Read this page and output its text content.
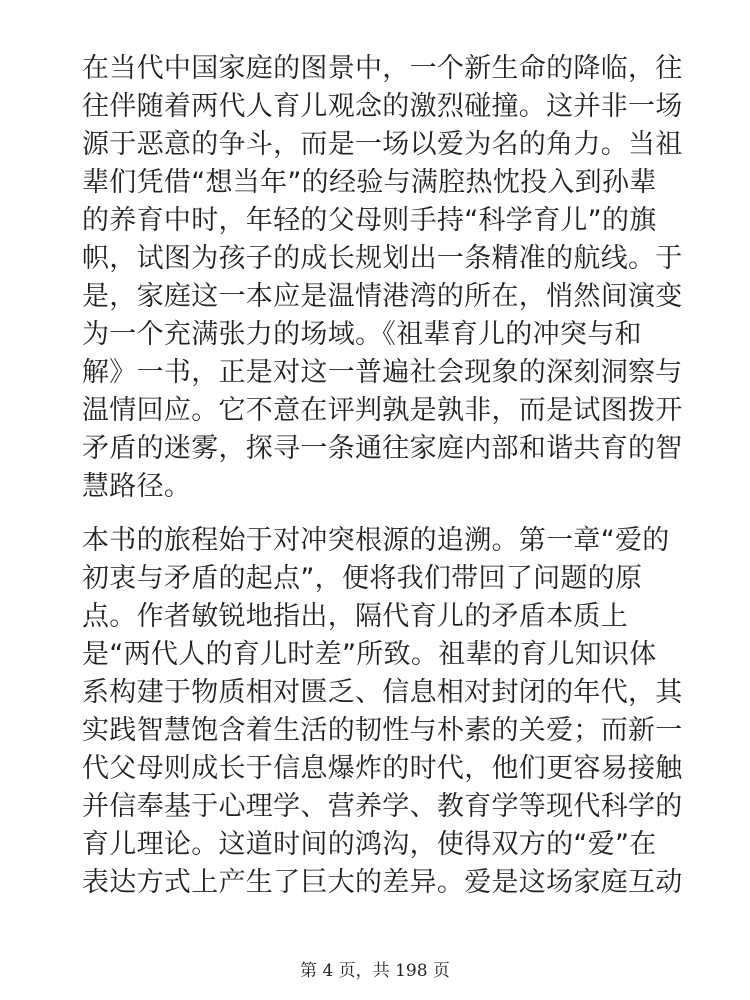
在当代中国家庭的图景中，一个新生命的降临，往
往伴随着两代人育儿观念的激烈碰撞。这并非一场
源于恶意的争斗，而是一场以爱为名的角力。当祖
辈们凭借“想当年”的经验与满腔热忱投入到孙辈
的养育中时，年轻的父母则手持“科学育儿”的旗
帜，试图为孩子的成长规划出一条精准的航线。于
是，家庭这一本应是温情港湾的所在，悄然间演变
为一个充满张力的场域。《祖辈育儿的冲突与和
解》一书，正是对这一普遍社会现象的深刻洞察与
温情回应。它不意在评判孰是孰非，而是试图拨开
矛盾的迷雾，探寻一条通往家庭内部和谐共育的智
慧路径。

本书的旅程始于对冲突根源的追溯。第一章“爱的
初衷与矛盾的起点”，便将我们带回了问题的原
点。作者敏锐地指出，隔代育儿的矛盾本质上
是“两代人的育儿时差”所致。祖辈的育儿知识体
系构建于物质相对匮乏、信息相对封闭的年代，其
实践智慧饱含着生活的韧性与朴素的关爱；而新一
代父母则成长于信息爆炸的时代，他们更容易接触
并信奉基于心理学、营养学、教育学等现代科学的
育儿理论。这道时间的鸿沟，使得双方的“爱”在
表达方式上产生了巨大的差异。爱是这场家庭互动

第 4 页，共 198 页
